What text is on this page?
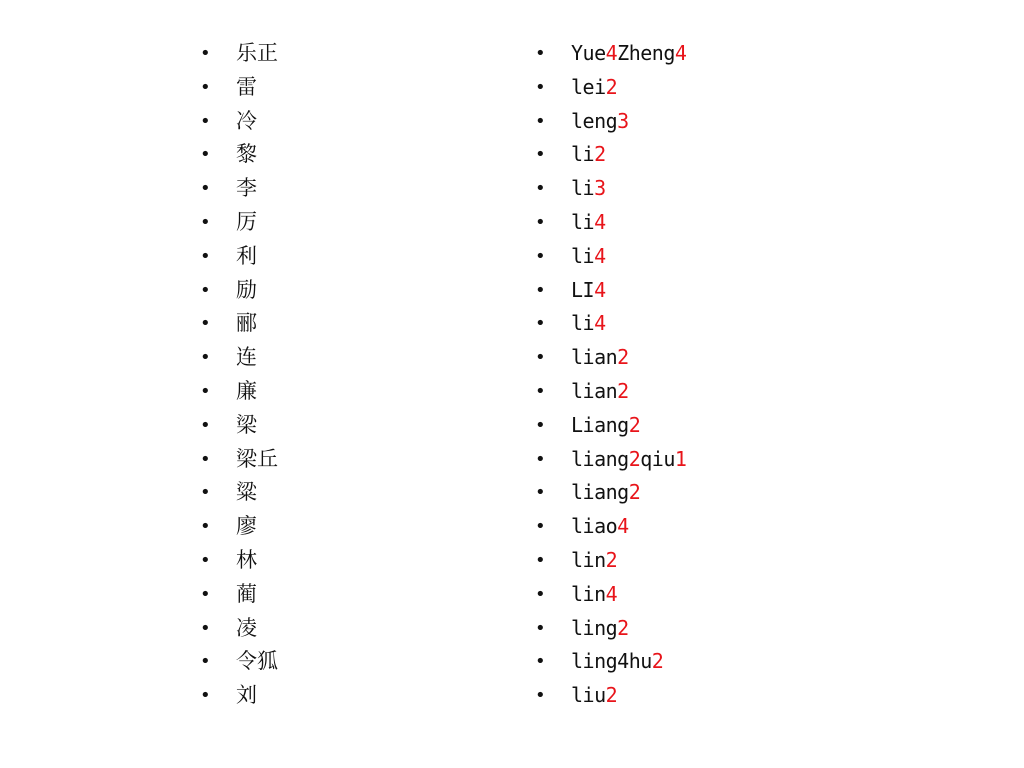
•	乐正
•	雷
•	冷
•	黎
•	李
•	厉
•	利
•	励
•	郦
•	连
•	廉
•	梁
•	梁丘
•	粱
•	廖
•	林
•	蔺
•	凌
•	令狐
•	刘
•	Yue4Zheng4
•	lei2
•	leng3
•	li2
•	li3
•	li4
•	li4
•	LI4
•	li4
•	lian2
•	lian2
•	Liang2
•	liang2qiu1
•	liang2
•	liao4
•	lin2
•	lin4
•	ling2
•	ling4hu2
•	liu2
